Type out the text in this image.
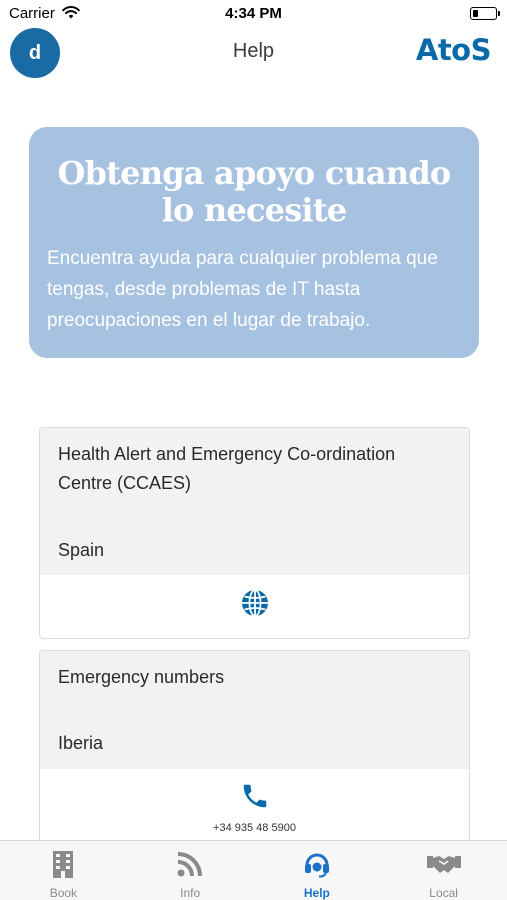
Carrier	4:34 PM
d	Help	AtoS
Obtenga apoyo cuando lo necesite
Encuentra ayuda para cualquier problema que tengas, desde problemas de IT hasta preocupaciones en el lugar de trabajo.
Health Alert and Emergency Co-ordination Centre (CCAES)
Spain
Emergency numbers
Iberia
+34 935 48 5900
Book	Info	Help	Local
